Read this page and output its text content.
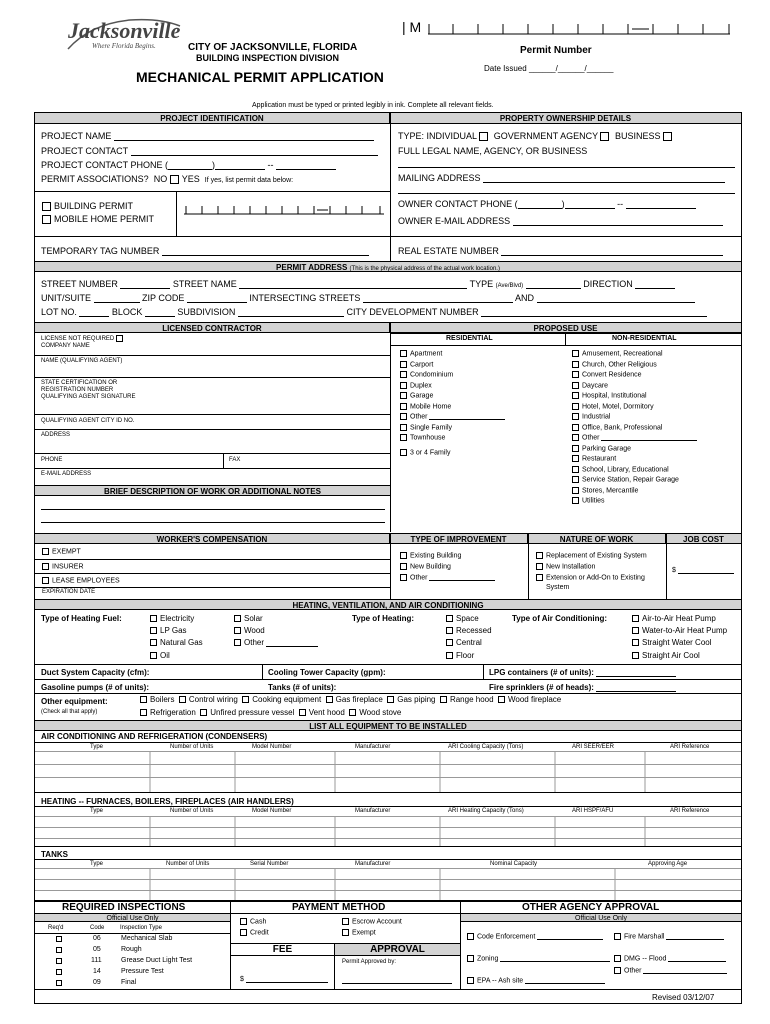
Jacksonville
Where Florida Begins.	CITY OF JACKSONVILLE, FLORIDA
BUILDING INSPECTION DIVISION
MECHANICAL PERMIT APPLICATION
| M
Permit Number
Date Issued ______/______/______
Application must be typed or printed legibly in ink. Complete all relevant fields.
PROJECT IDENTIFICATION	PROPERTY OWNERSHIP DETAILS
PROJECT NAME
PROJECT CONTACT
PROJECT CONTACT PHONE (	)	--
PERMIT ASSOCIATIONS? NO YES If yes, list permit data below:
BUILDING PERMIT
MOBILE HOME PERMIT
TEMPORARY TAG NUMBER
TYPE: INDIVIDUAL GOVERNMENT AGENCY BUSINESS
FULL LEGAL NAME, AGENCY, OR BUSINESS
MAILING ADDRESS
OWNER CONTACT PHONE (	)	--
OWNER E-MAIL ADDRESS
REAL ESTATE NUMBER
PERMIT ADDRESS (This is the physical address of the actual work location.)
STREET NUMBER	STREET NAME	TYPE (Ave/Blvd)	DIRECTION
UNIT/SUITE	ZIP CODE	INTERSECTING STREETS	AND
LOT NO.	BLOCK	SUBDIVISION	CITY DEVELOPMENT NUMBER
LICENSED CONTRACTOR	PROPOSED USE
LICENSE NOT REQUIRED
COMPANY NAME
NAME (QUALIFYING AGENT)
STATE CERTIFICATION OR
REGISTRATION NUMBER
QUALIFYING AGENT SIGNATURE
QUALIFYING AGENT CITY ID NO.
ADDRESS
PHONE	FAX
E-MAIL ADDRESS
RESIDENTIAL	NON-RESIDENTIAL
Apartment
Carport
Condominium
Duplex
Garage
Mobile Home
Other
Single Family
Townhouse
3 or 4 Family
Amusement, Recreational
Church, Other Religious
Convert Residence
Daycare
Hospital, Institutional
Hotel, Motel, Dormitory
Industrial
Office, Bank, Professional
Other
Parking Garage
Restaurant
School, Library, Educational
Service Station, Repair Garage
Stores, Mercantile
Utilities
BRIEF DESCRIPTION OF WORK OR ADDITIONAL NOTES
WORKER'S COMPENSATION	TYPE OF IMPROVEMENT	NATURE OF WORK	JOB COST
EXEMPT
INSURER
LEASE EMPLOYEES
EXPIRATION DATE
Existing Building
New Building
Other
Replacement of Existing System
New Installation
Extension or Add-On to Existing
System
$
HEATING, VENTILATION, AND AIR CONDITIONING
Type of Heating Fuel:	Electricity
LP Gas
Natural Gas
Oil
Solar
Wood
Other
Type of Heating:	Space
Recessed
Central
Floor
Type of Air Conditioning:	Air-to-Air Heat Pump
Water-to-Air Heat Pump
Straight Water Cool
Straight Air Cool
Duct System Capacity (cfm):	Cooling Tower Capacity (gpm):	LPG containers (# of units):
Gasoline pumps (# of units):	Tanks (# of units):	Fire sprinklers (# of heads):
Other equipment:
(Check all that apply)
Boilers Control wiring Cooking equipment Gas fireplace Gas piping Range hood Wood fireplace
Refrigeration Unfired pressure vessel Vent hood Wood stove
LIST ALL EQUIPMENT TO BE INSTALLED
AIR CONDITIONING AND REFRIGERATION (CONDENSERS)
Type	Number of Units	Model Number	Manufacturer	ARI Cooling Capacity (Tons)	ARI SEER/EER	ARI Reference
HEATING -- FURNACES, BOILERS, FIREPLACES (AIR HANDLERS)
Type	Number of Units	Model Number	Manufacturer	ARI Heating Capacity (Tons)	ARI HSPF/AFU	ARI Reference
TANKS
Type	Number of Units	Serial Number	Manufacturer	Nominal Capacity	Approving Age
REQUIRED INSPECTIONS
Official Use Only
Req'd	Code	Inspection Type
06	Mechanical Slab
05	Rough
111	Grease Duct Light Test
14	Pressure Test
09	Final
PAYMENT METHOD
Cash
Credit
Escrow Account
Exempt
FEE	APPROVAL
Permit Approved by:
$
OTHER AGENCY APPROVAL
Official Use Only
Code Enforcement	Fire Marshall
Zoning	DMG -- Flood
Other
EPA -- Ash site
Revised 03/12/07
